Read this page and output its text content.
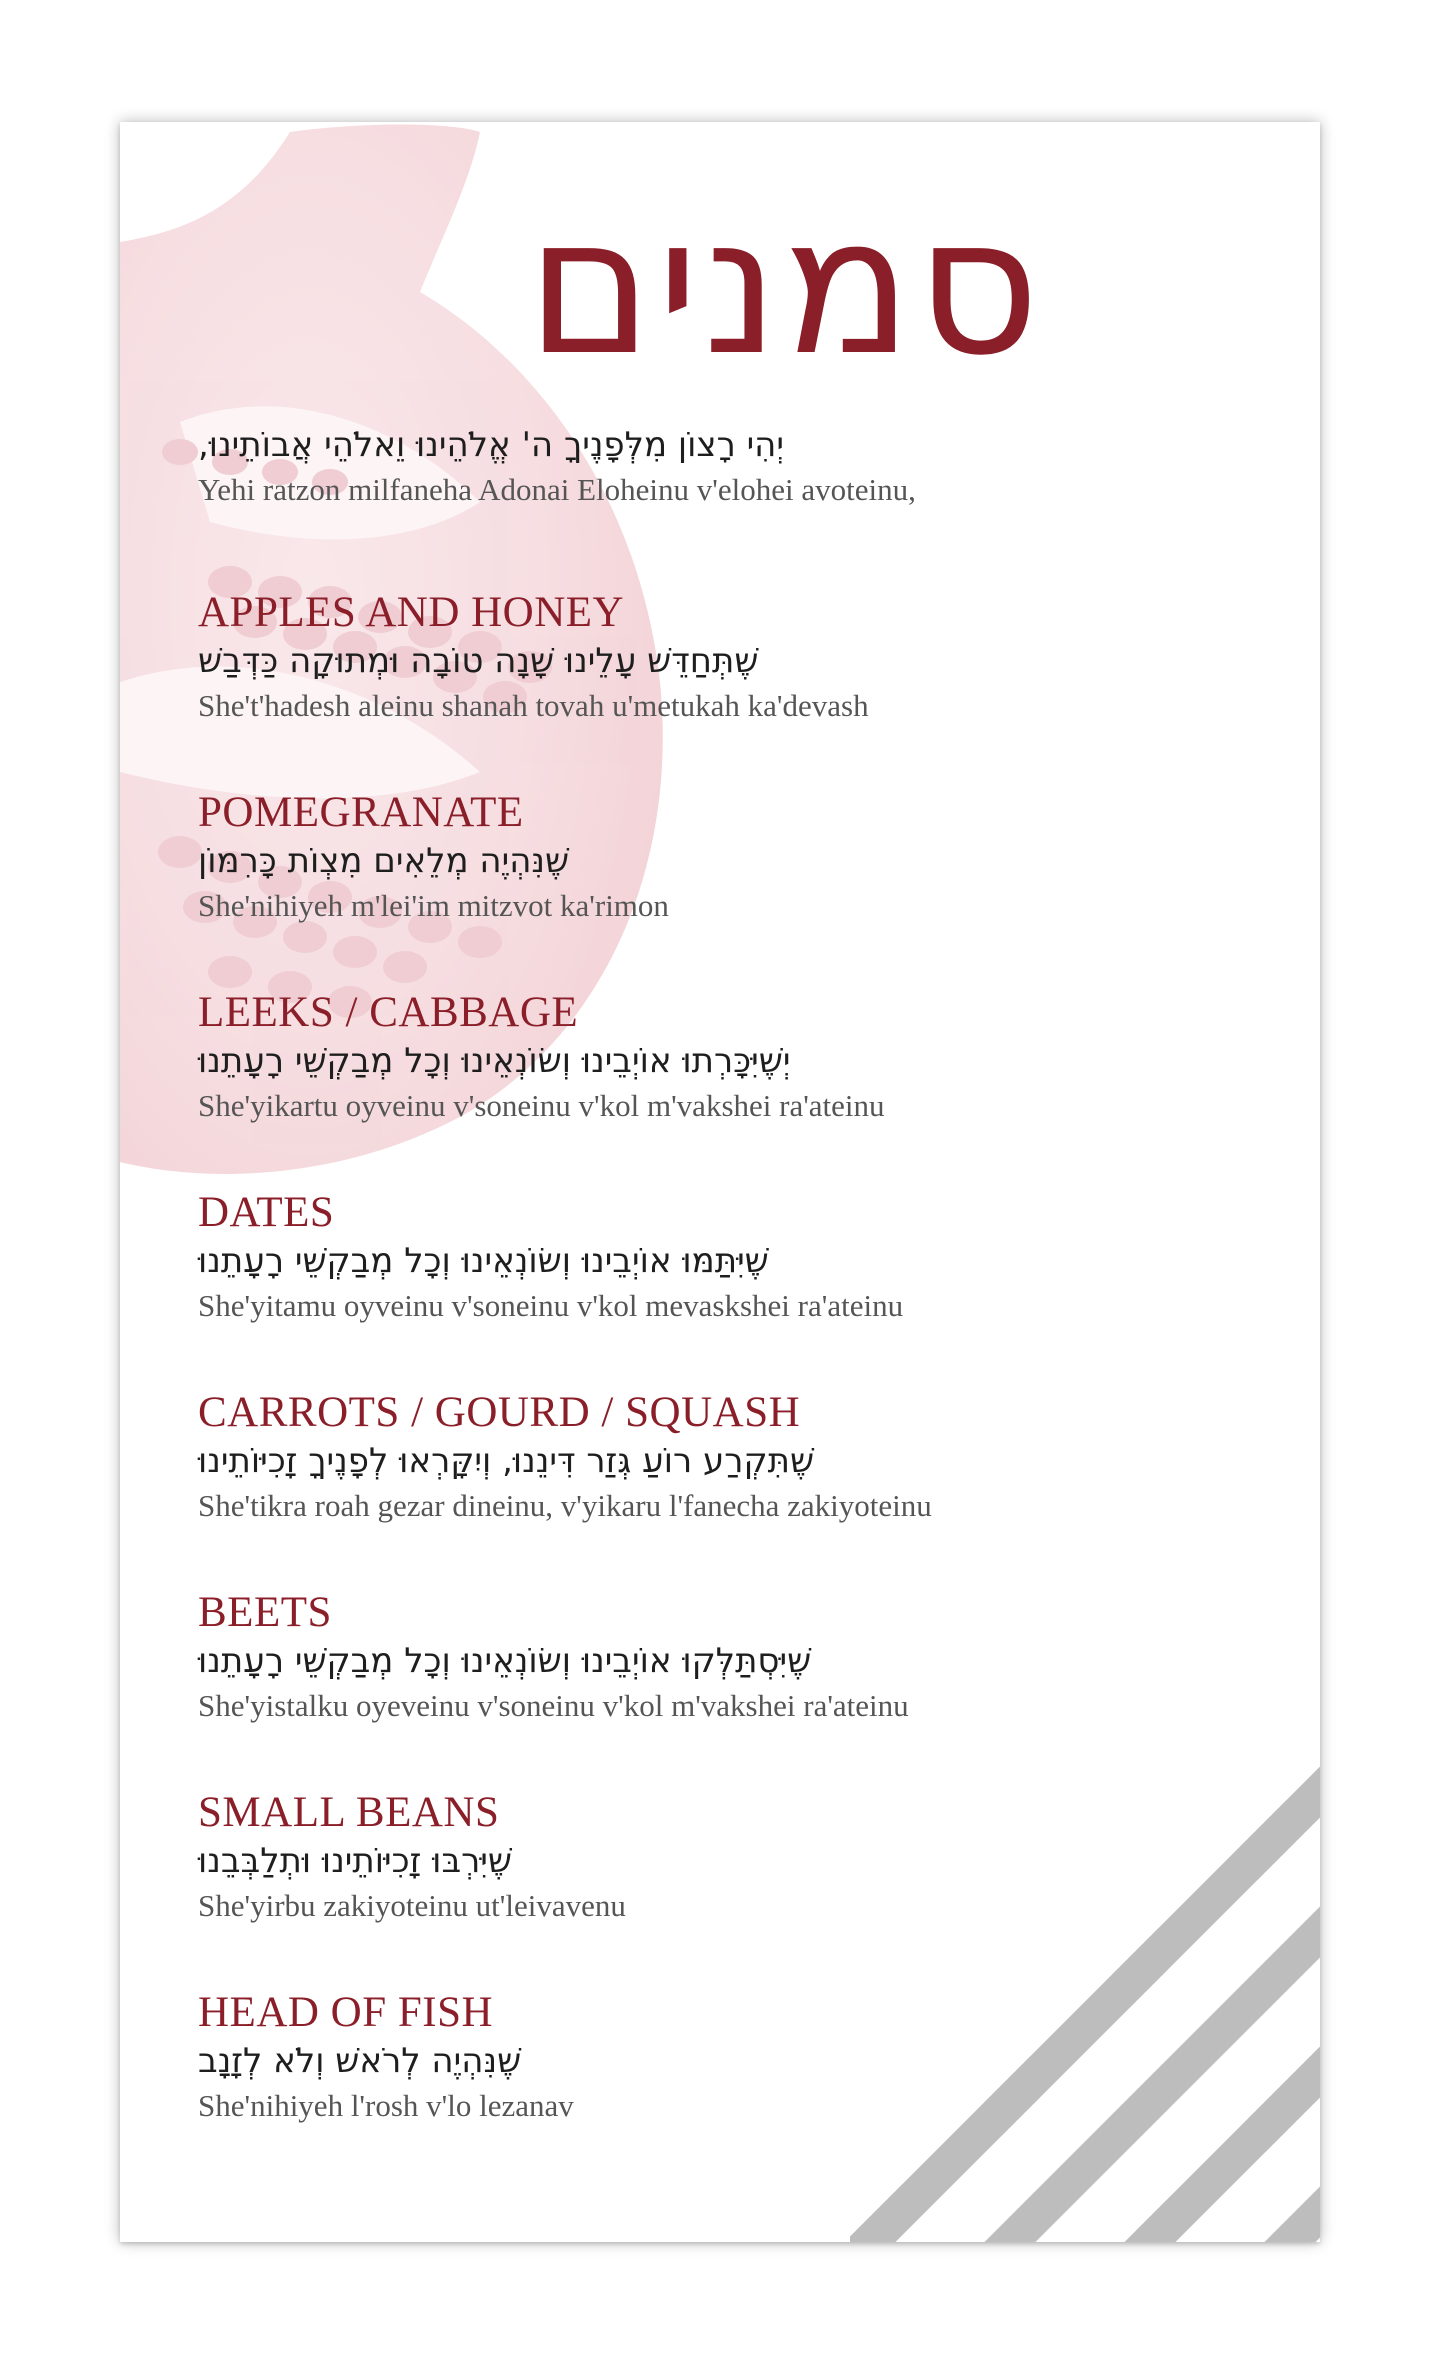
סמנים
יְהִי רָצוֹן מִלְּפָנֶיךָ ה' אֱלֹהֵינוּ וֵאלֹהֵי אֲבוֹתֵינוּ,
Yehi ratzon milfaneha Adonai Eloheinu v'elohei avoteinu,
APPLES AND HONEY
שֶׁתְּחַדֵּשׁ עָלֵינוּ שָׁנָה טוֹבָה וּמְתוּקָה כַּדְּבַשׁ
She't'hadesh aleinu shanah tovah u'metukah ka'devash
POMEGRANATE
שֶׁנִּהְיֶה מְלֵאִים מִצְוֹת כָּרִמּוֹן
She'nihiyeh m'lei'im mitzvot ka'rimon
LEEKS / CABBAGE
יְשֶׁיִּכָּרְתוּ אוֹיְבֵינוּ וְשׂוֹנְאֵינוּ וְכָל מְבַקְשֵׁי רָעָתֵנוּ
She'yikartu oyveinu v'soneinu v'kol m'vakshei ra'ateinu
DATES
שֶׁיִּתַּמּוּ אוֹיְבֵינוּ וְשׂוֹנְאֵינוּ וְכָל מְבַקְשֵׁי רָעָתֵנוּ
She'yitamu oyveinu v'soneinu v'kol mevaskshei ra'ateinu
CARROTS / GOURD / SQUASH
שֶׁתִּקְרַע רוֹעַ גְּזַר דִּינֵנוּ, וְיִקָּרְאוּ לְפָנֶיךָ זָכִיּוֹתֵינוּ
She'tikra roah gezar dineinu, v'yikaru l'fanecha zakiyoteinu
BEETS
שֶׁיִּסְתַּלְּקוּ אוֹיְבֵינוּ וְשׂוֹנְאֵינוּ וְכָל מְבַקְשֵׁי רָעָתֵנוּ
She'yistalku oyeveinu v'soneinu v'kol m'vakshei ra'ateinu
SMALL BEANS
שֶׁיִּרְבּוּ זָכִיּוֹתֵינוּ וּתְלַבְּבֵנוּ
She'yirbu zakiyoteinu ut'leivavenu
HEAD OF FISH
שֶׁנִּהְיֶה לְרֹאשׁ וְלֹא לְזָנָב
She'nihiyeh l'rosh v'lo lezanav
